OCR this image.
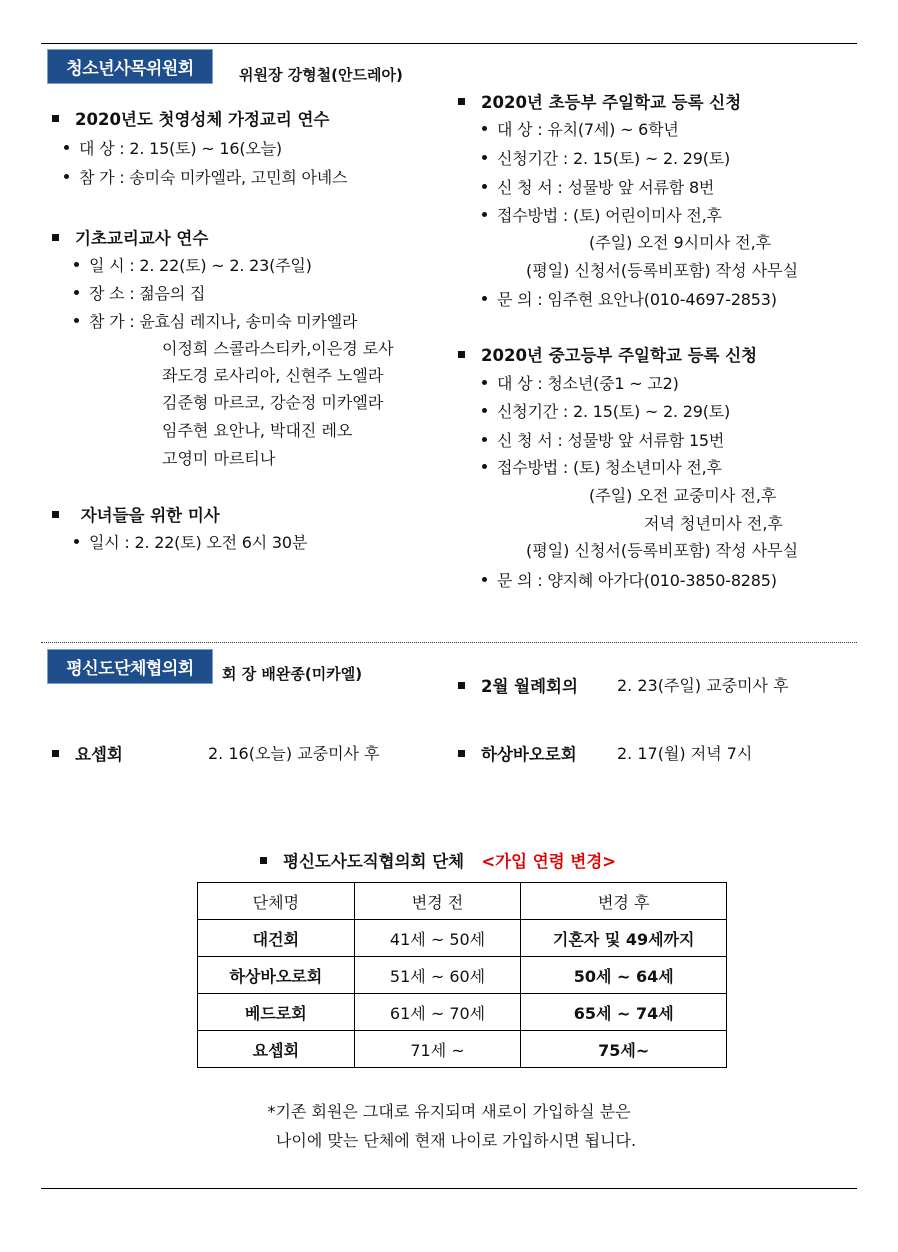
청소년사목위원회	위원장 강형철(안드레아)
2020년도 첫영성체 가정교리 연수
대 상 : 2. 15(토) ~ 16(오늘)
참 가 : 송미숙 미카엘라, 고민희 아녜스
기초교리교사 연수
일 시 : 2. 22(토) ~ 2. 23(주일)
장 소 : 젊음의 집
참 가 : 윤효심 레지나, 송미숙 미카엘라
이정희 스콜라스티카,이은경 로사
좌도경 로사리아, 신현주 노엘라
김준형 마르코, 강순정 미카엘라
임주현 요안나, 박대진 레오
고영미 마르티나
자녀들을 위한 미사
일시 : 2. 22(토) 오전 6시 30분
2020년 초등부 주일학교 등록 신청
대 상 : 유치(7세) ~ 6학년
신청기간 : 2. 15(토) ~ 2. 29(토)
신 청 서 : 성물방 앞 서류함 8번
접수방법 : (토) 어린이미사 전,후
(주일) 오전 9시미사 전,후
(평일) 신청서(등록비포함) 작성 사무실
문 의 : 임주현 요안나(010-4697-2853)
2020년 중고등부 주일학교 등록 신청
대 상 : 청소년(중1 ~ 고2)
신청기간 : 2. 15(토) ~ 2. 29(토)
신 청 서 : 성물방 앞 서류함 15번
접수방법 : (토) 청소년미사 전,후
(주일) 오전 교중미사 전,후
저녁 청년미사 전,후
(평일) 신청서(등록비포함) 작성 사무실
문 의 : 양지혜 아가다(010-3850-8285)
평신도단체협의회	회 장 배완종(미카엘)
2월 월례회의 2. 23(주일) 교중미사 후
요셉회	2. 16(오늘) 교중미사 후	하상바오로회	2. 17(월) 저녁 7시
평신도사도직협의회 단체 <가입 연령 변경>
단체명	변경 전	변경 후
대건회	41세 ~ 50세	기혼자 및 49세까지
하상바오로회	51세 ~ 60세	50세 ~ 64세
베드로회	61세 ~ 70세	65세 ~ 74세
요셉회	71세 ~	75세~
*기존 회원은 그대로 유지되며 새로이 가입하실 분은
나이에 맞는 단체에 현재 나이로 가입하시면 됩니다.
